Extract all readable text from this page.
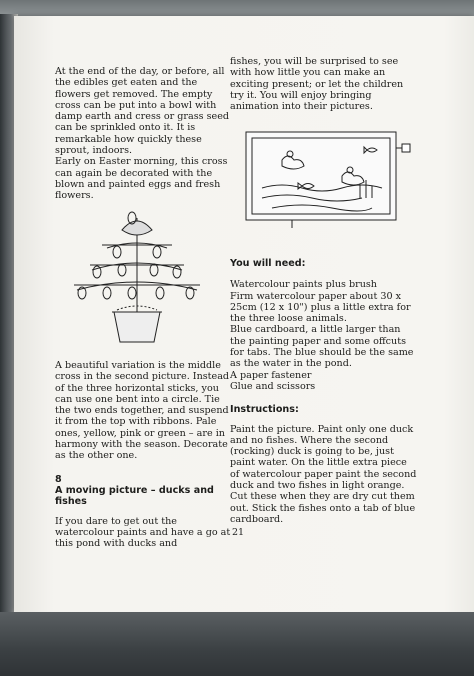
At the end of the day, or before, all the edibles get eaten and the flowers get removed. The empty cross can be put into a bowl with damp earth and cress or grass seed can be sprinkled onto it. It is remarkable how quickly these sprout, indoors.

Early on Easter morning, this cross can again be decorated with the blown and painted eggs and fresh flowers.

A beautiful variation is the middle cross in the second picture. Instead of the three horizontal sticks, you can use one bent into a circle. Tie the two ends together, and suspend it from the top with ribbons. Pale ones, yellow, pink or green – are in harmony with the season. Decorate as the other one.

8

A moving picture – ducks and fishes

If you dare to get out the watercolour paints and have a go at this pond with ducks and

fishes, you will be surprised to see with how little you can make an exciting present; or let the children try it. You will enjoy bringing animation into their pictures.

You will need:

Watercolour paints plus brush

Firm watercolour paper about 30 x 25cm (12 x 10") plus a little extra for the three loose animals.

Blue cardboard, a little larger than the painting paper and some offcuts for tabs. The blue should be the same as the water in the pond.

A paper fastener

Glue and scissors

Instructions:

Paint the picture. Paint only one duck and no fishes. Where the second (rocking) duck is going to be, just paint water. On the little extra piece of watercolour paper paint the second duck and two fishes in light orange. Cut these when they are dry cut them out. Stick the fishes onto a tab of blue cardboard.

21
